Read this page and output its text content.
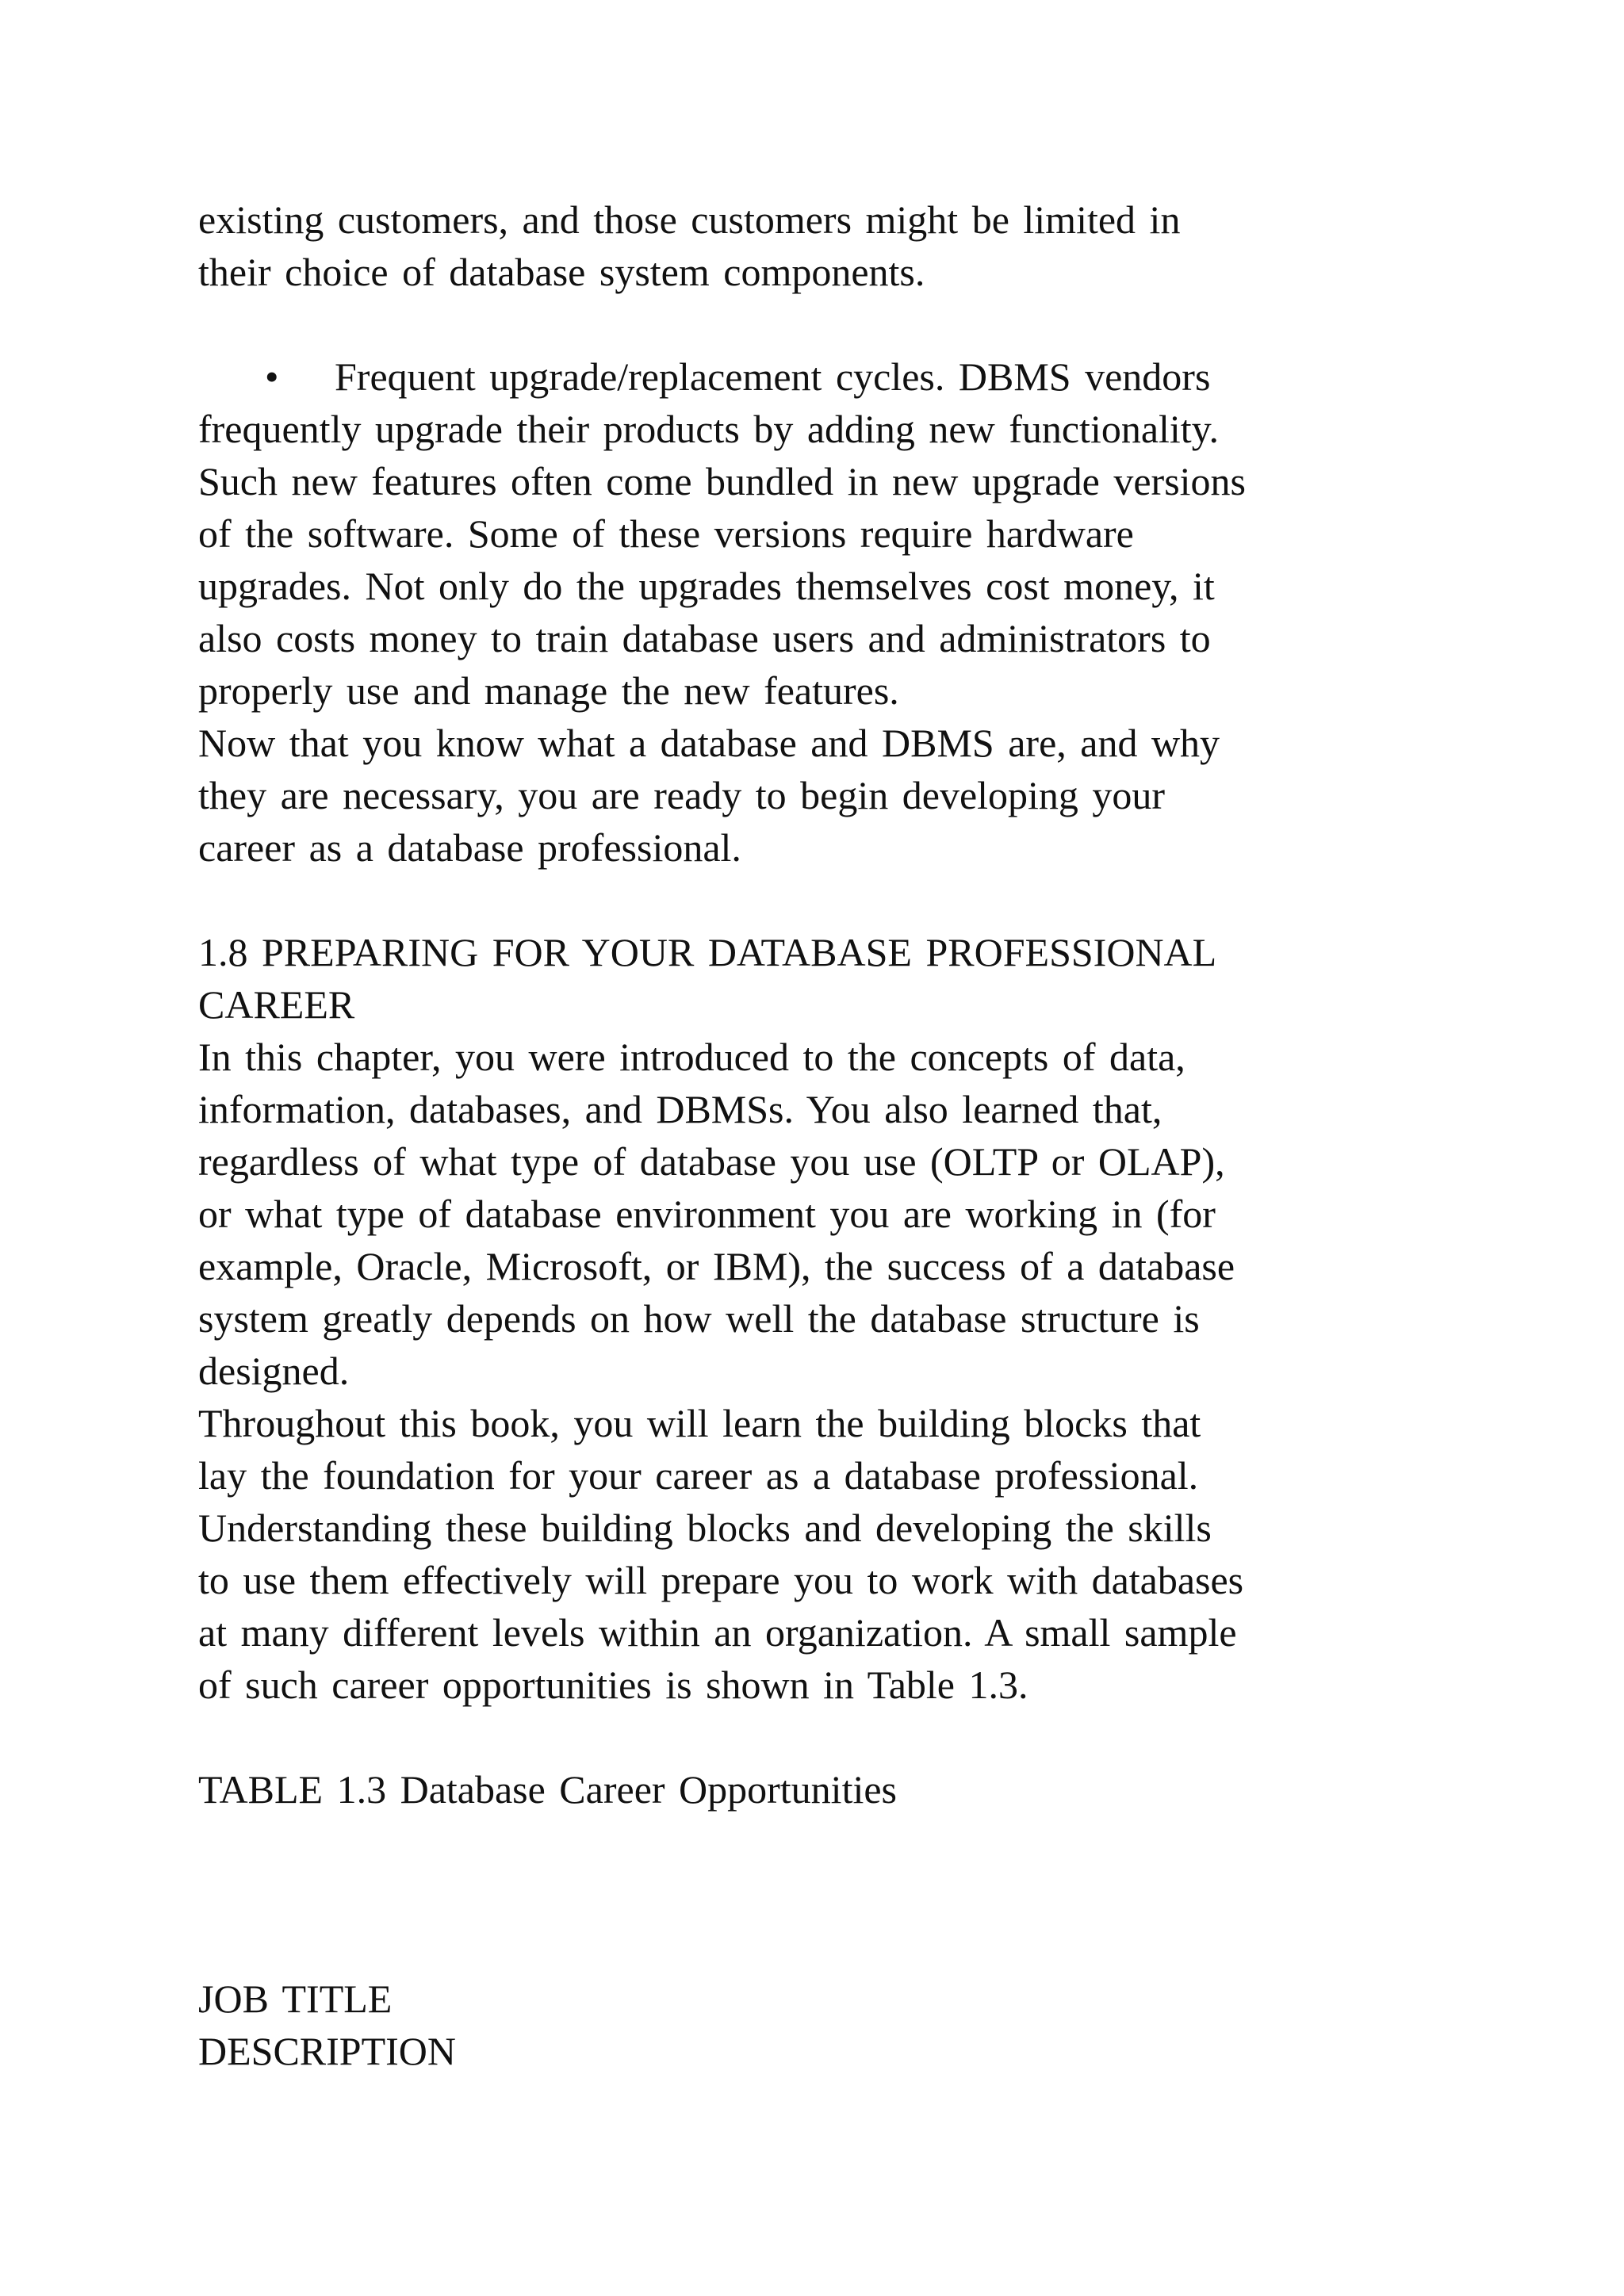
existing customers, and those customers might be limited in
their choice of database system components.

• Frequent upgrade/replacement cycles. DBMS vendors
frequently upgrade their products by adding new functionality.
Such new features often come bundled in new upgrade versions
of the software. Some of these versions require hardware
upgrades. Not only do the upgrades themselves cost money, it
also costs money to train database users and administrators to
properly use and manage the new features.

Now that you know what a database and DBMS are, and why
they are necessary, you are ready to begin developing your
career as a database professional.

1.8 PREPARING FOR YOUR DATABASE PROFESSIONAL
CAREER

In this chapter, you were introduced to the concepts of data,
information, databases, and DBMSs. You also learned that,
regardless of what type of database you use (OLTP or OLAP),
or what type of database environment you are working in (for
example, Oracle, Microsoft, or IBM), the success of a database
system greatly depends on how well the database structure is
designed.

Throughout this book, you will learn the building blocks that
lay the foundation for your career as a database professional.
Understanding these building blocks and developing the skills
to use them effectively will prepare you to work with databases
at many different levels within an organization. A small sample
of such career opportunities is shown in Table 1.3.

TABLE 1.3 Database Career Opportunities

JOB TITLE
DESCRIPTION
